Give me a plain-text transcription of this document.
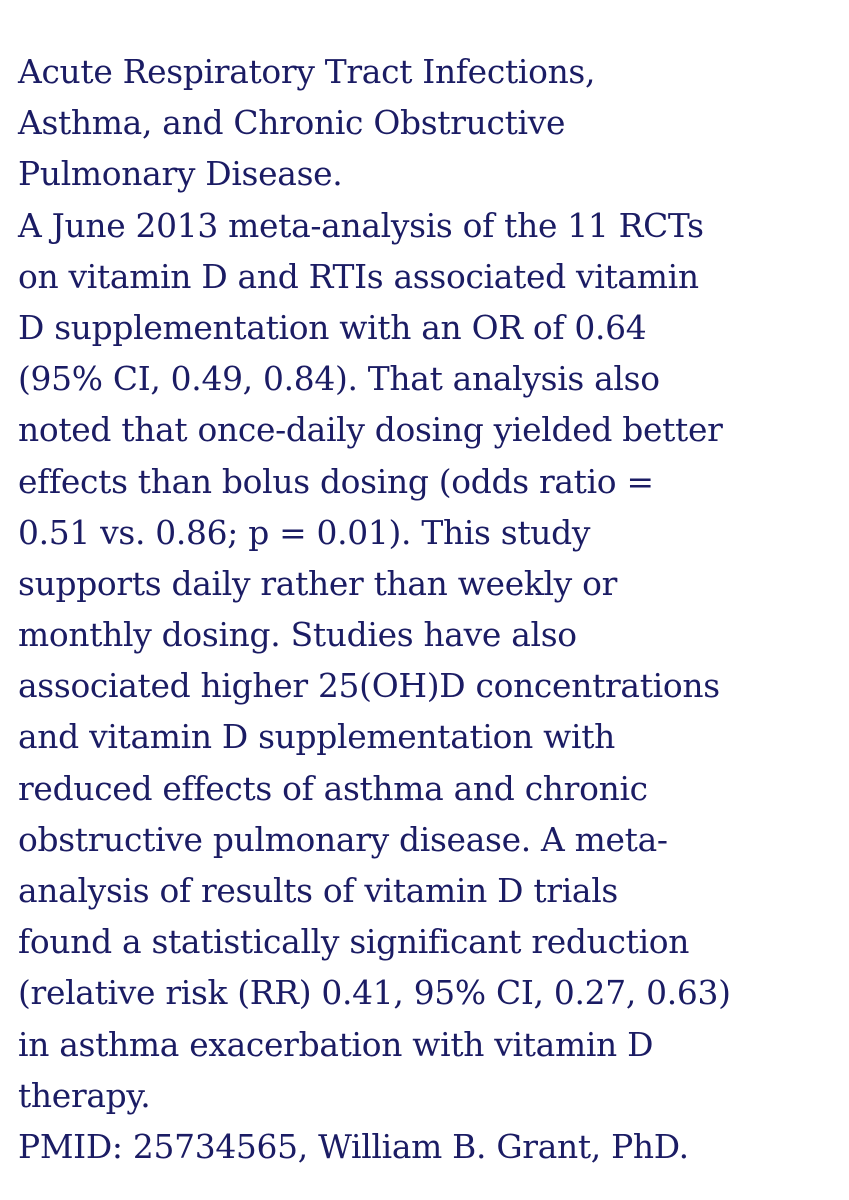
Acute Respiratory Tract Infections,
Asthma, and Chronic Obstructive
Pulmonary Disease.
A June 2013 meta-analysis of the 11 RCTs
on vitamin D and RTIs associated vitamin
D supplementation with an OR of 0.64
(95% CI, 0.49, 0.84). That analysis also
noted that once-daily dosing yielded better
effects than bolus dosing (odds ratio =
0.51 vs. 0.86; p = 0.01). This study
supports daily rather than weekly or
monthly dosing. Studies have also
associated higher 25(OH)D concentrations
and vitamin D supplementation with
reduced effects of asthma and chronic
obstructive pulmonary disease. A meta-
analysis of results of vitamin D trials
found a statistically significant reduction
(relative risk (RR) 0.41, 95% CI, 0.27, 0.63)
in asthma exacerbation with vitamin D
therapy.
PMID: 25734565, William B. Grant, PhD.
